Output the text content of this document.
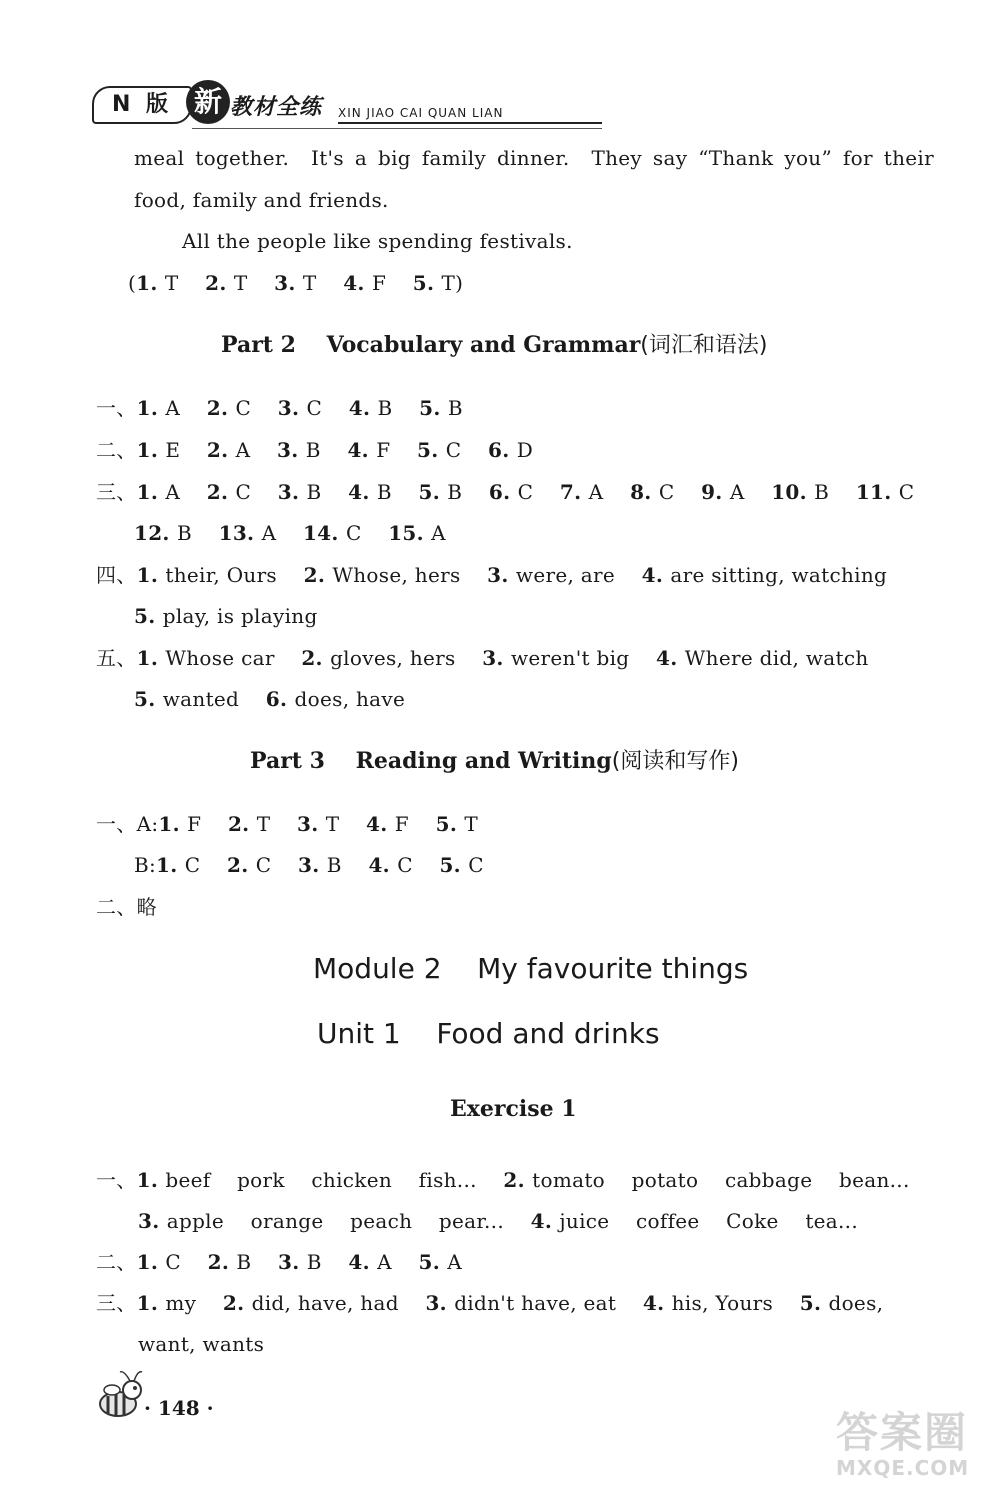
N 版 新 教材全练 XIN JIAO CAI QUAN LIAN
meal together.  It's a big family dinner.  They say “Thank you” for their
food, family and friends.
All the people like spending festivals.
(1. T 2. T 3. T 4. F 5. T)
Part 2    Vocabulary and Grammar(词汇和语法)
一、1. A 2. C 3. C 4. B 5. B
二、1. E 2. A 3. B 4. F 5. C 6. D
三、1. A 2. C 3. B 4. B 5. B 6. C 7. A 8. C 9. A 10. B 11. C
12. B 13. A 14. C 15. A
四、1. their, Ours 2. Whose, hers 3. were, are 4. are sitting, watching
5. play, is playing
五、1. Whose car 2. gloves, hers 3. weren't big 4. Where did, watch
5. wanted 6. does, have
Part 3    Reading and Writing(阅读和写作)
一、A:1. F 2. T 3. T 4. F 5. T
B:1. C 2. C 3. B 4. C 5. C
二、略
Module 2    My favourite things
Unit 1    Food and drinks
Exercise 1
一、1. beef    pork    chicken    fish... 2. tomato    potato    cabbage    bean...
3. apple    orange    peach    pear... 4. juice    coffee    Coke    tea...
二、1. C 2. B 3. B 4. A 5. A
三、1. my 2. did, have, had 3. didn't have, eat 4. his, Yours 5. does,
want, wants
· 148 ·	答案圈
MXQE.COM
